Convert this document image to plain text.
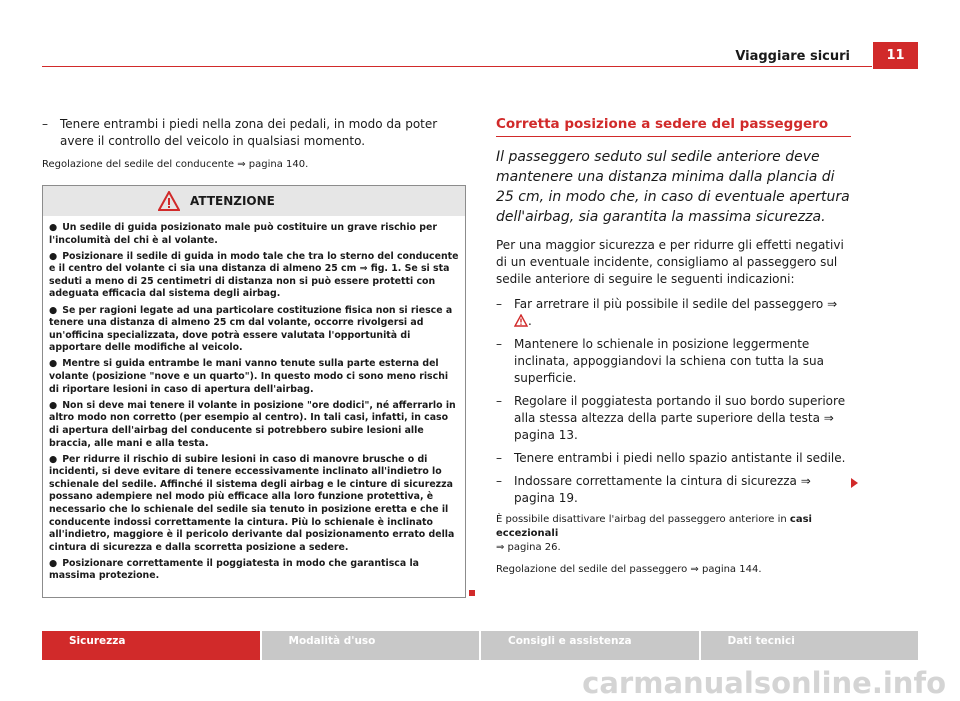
Viaggiare sicuri	11
– Tenere entrambi i piedi nella zona dei pedali, in modo da poter avere il controllo del veicolo in qualsiasi momento.
Regolazione del sedile del conducente ⇒ pagina 140.
ATTENZIONE
● Un sedile di guida posizionato male può costituire un grave rischio per l'incolumità del chi è al volante.
● Posizionare il sedile di guida in modo tale che tra lo sterno del conducente e il centro del volante ci sia una distanza di almeno 25 cm ⇒ fig. 1. Se si sta seduti a meno di 25 centimetri di distanza non si può essere protetti con adeguata efficacia dal sistema degli airbag.
● Se per ragioni legate ad una particolare costituzione fisica non si riesce a tenere una distanza di almeno 25 cm dal volante, occorre rivolgersi ad un'officina specializzata, dove potrà essere valutata l'opportunità di apportare delle modifiche al veicolo.
● Mentre si guida entrambe le mani vanno tenute sulla parte esterna del volante (posizione "nove e un quarto"). In questo modo ci sono meno rischi di riportare lesioni in caso di apertura dell'airbag.
● Non si deve mai tenere il volante in posizione "ore dodici", né afferrarlo in altro modo non corretto (per esempio al centro). In tali casi, infatti, in caso di apertura dell'airbag del conducente si potrebbero subire lesioni alle braccia, alle mani e alla testa.
● Per ridurre il rischio di subire lesioni in caso di manovre brusche o di incidenti, si deve evitare di tenere eccessivamente inclinato all'indietro lo schienale del sedile. Affinché il sistema degli airbag e le cinture di sicurezza possano adempiere nel modo più efficace alla loro funzione protettiva, è necessario che lo schienale del sedile sia tenuto in posizione eretta e che il conducente indossi correttamente la cintura. Più lo schienale è inclinato all'indietro, maggiore è il pericolo derivante dal posizionamento errato della cintura di sicurezza e dalla scorretta posizione a sedere.
● Posizionare correttamente il poggiatesta in modo che garantisca la massima protezione.
Corretta posizione a sedere del passeggero
Il passeggero seduto sul sedile anteriore deve mantenere una distanza minima dalla plancia di 25 cm, in modo che, in caso di eventuale apertura dell'airbag, sia garantita la massima sicurezza.
Per una maggior sicurezza e per ridurre gli effetti negativi di un eventuale incidente, consigliamo al passeggero sul sedile anteriore di seguire le seguenti indicazioni:
– Far arretrare il più possibile il sedile del passeggero ⇒ .
– Mantenere lo schienale in posizione leggermente inclinata, appoggiandovi la schiena con tutta la sua superficie.
– Regolare il poggiatesta portando il suo bordo superiore alla stessa altezza della parte superiore della testa ⇒ pagina 13.
– Tenere entrambi i piedi nello spazio antistante il sedile.
– Indossare correttamente la cintura di sicurezza ⇒ pagina 19.
È possibile disattivare l'airbag del passeggero anteriore in casi eccezionali
⇒ pagina 26.
Regolazione del sedile del passeggero ⇒ pagina 144.
Sicurezza	Modalità d'uso	Consigli e assistenza	Dati tecnici
carmanualsonline.info
